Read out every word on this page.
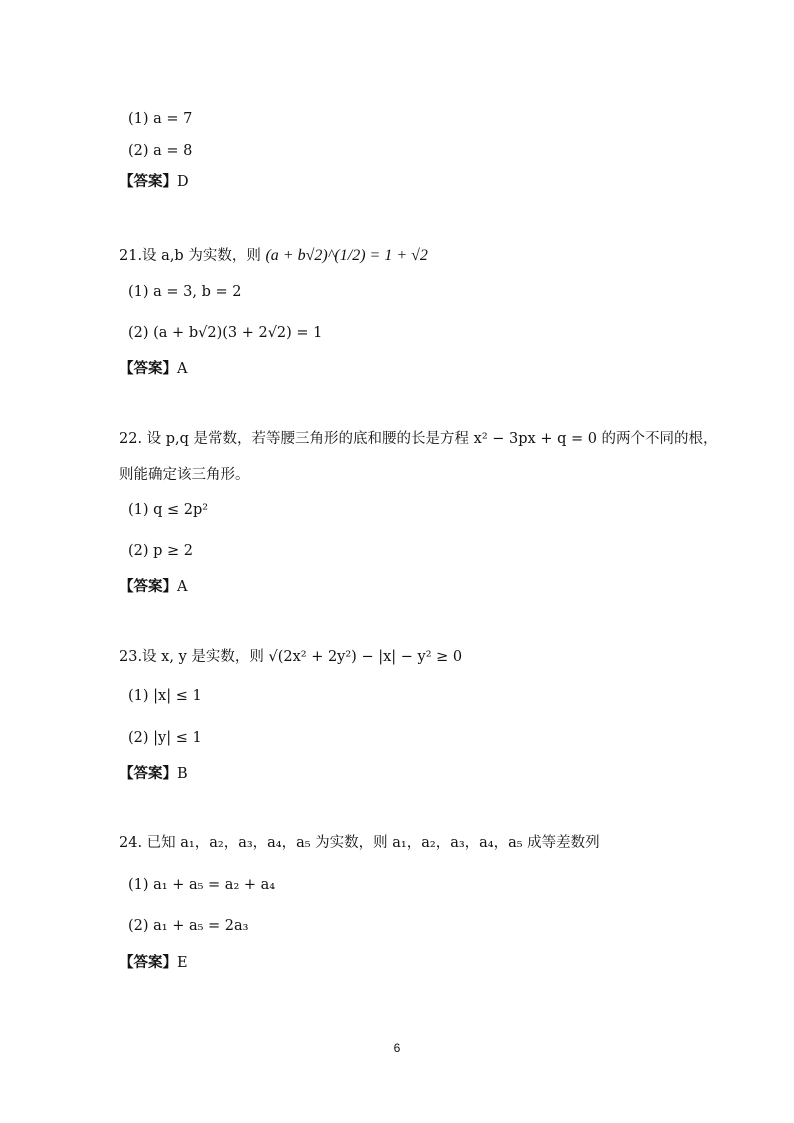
(1) a = 7
(2) a = 8
【答案】D
21.设 a,b 为实数，则 (a + b√2)^(1/2) = 1 + √2
(1) a = 3, b = 2
(2) (a + b√2)(3 + 2√2) = 1
【答案】A
22. 设 p,q 是常数，若等腰三角形的底和腰的长是方程 x² − 3px + q = 0 的两个不同的根，
则能确定该三角形。
(1) q ≤ 2p²
(2) p ≥ 2
【答案】A
23.设 x, y 是实数，则 √(2x² + 2y²) − |x| − y² ≥ 0
(1) |x| ≤ 1
(2) |y| ≤ 1
【答案】B
24. 已知 a₁，a₂，a₃，a₄，a₅ 为实数，则 a₁，a₂，a₃，a₄，a₅ 成等差数列
(1) a₁ + a₅ = a₂ + a₄
(2) a₁ + a₅ = 2a₃
【答案】E
6
